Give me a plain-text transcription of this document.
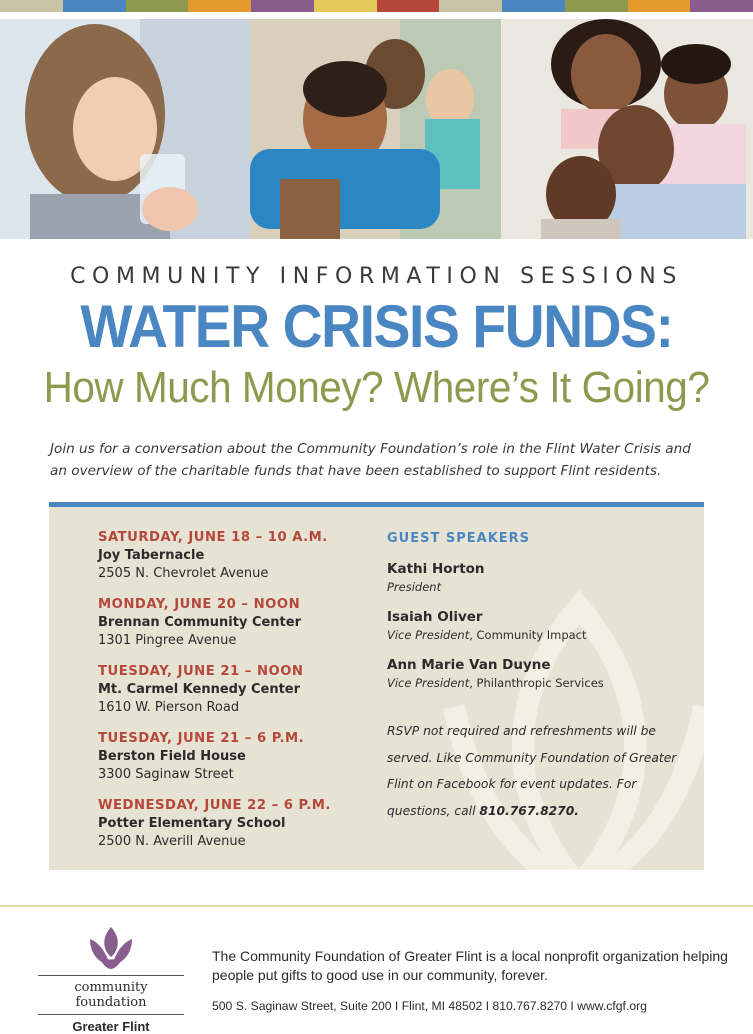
COMMUNITY INFORMATION SESSIONS
WATER CRISIS FUNDS:
How Much Money? Where’s It Going?
Join us for a conversation about the Community Foundation’s role in the Flint Water Crisis and an overview of the charitable funds that have been established to support Flint residents.
SATURDAY, JUNE 18 – 10 A.M.
Joy Tabernacle
2505 N. Chevrolet Avenue
MONDAY, JUNE 20 – NOON
Brennan Community Center
1301 Pingree Avenue
TUESDAY, JUNE 21 – NOON
Mt. Carmel Kennedy Center
1610 W. Pierson Road
TUESDAY, JUNE 21 – 6 P.M.
Berston Field House
3300 Saginaw Street
WEDNESDAY, JUNE 22 – 6 P.M.
Potter Elementary School
2500 N. Averill Avenue
GUEST SPEAKERS
Kathi Horton
President
Isaiah Oliver
Vice President, Community Impact
Ann Marie Van Duyne
Vice President, Philanthropic Services
RSVP not required and refreshments will be served. Like Community Foundation of Greater Flint on Facebook for event updates. For questions, call 810.767.8270.
community foundation
Greater Flint
The Community Foundation of Greater Flint is a local nonprofit organization helping people put gifts to good use in our community, forever.
500 S. Saginaw Street, Suite 200 I Flint, MI 48502 I 810.767.8270 I www.cfgf.org
